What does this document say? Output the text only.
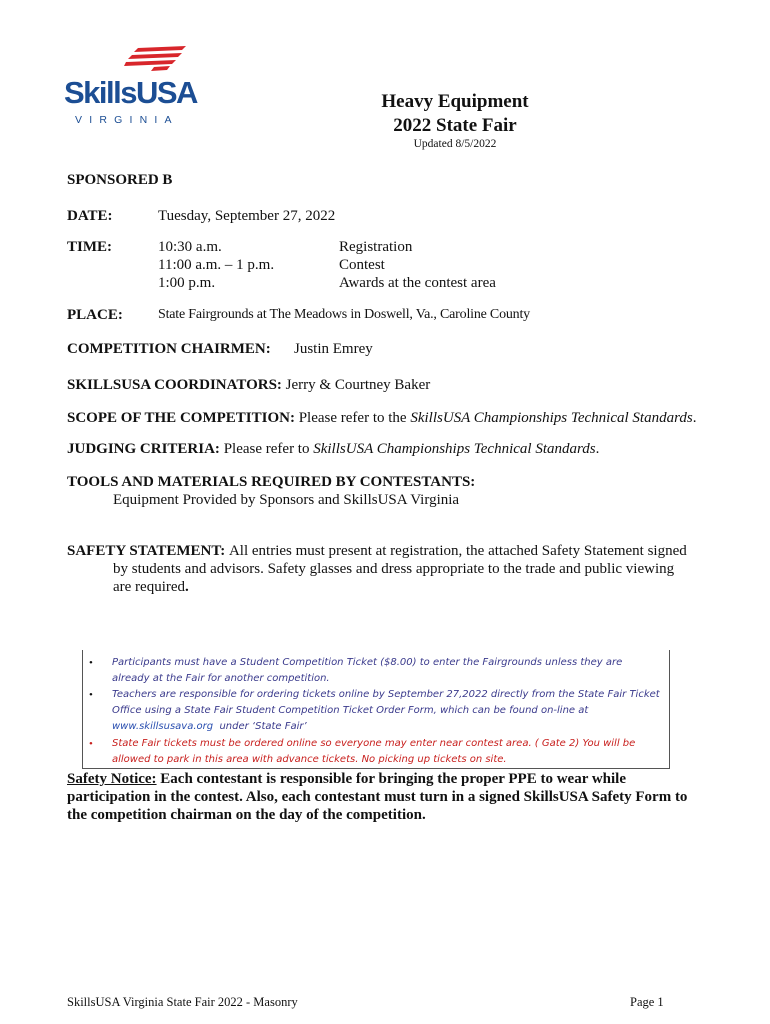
SkillsUSA
VIRGINIA
Heavy Equipment
2022 State Fair
Updated 8/5/2022
SPONSORED B
DATE:	Tuesday, September 27, 2022
TIME:	10:30 a.m.	Registration
11:00 a.m. – 1 p.m.	Contest
1:00 p.m.	Awards at the contest area
PLACE:	State Fairgrounds at The Meadows in Doswell, Va., Caroline County
COMPETITION CHAIRMEN: Justin Emrey
SKILLSUSA COORDINATORS: Jerry & Courtney Baker
SCOPE OF THE COMPETITION: Please refer to the SkillsUSA Championships Technical Standards.
JUDGING CRITERIA: Please refer to SkillsUSA Championships Technical Standards.
TOOLS AND MATERIALS REQUIRED BY CONTESTANTS:
Equipment Provided by Sponsors and SkillsUSA Virginia
SAFETY STATEMENT: All entries must present at registration, the attached Safety Statement signed
by students and advisors. Safety glasses and dress appropriate to the trade and public viewing
are required.
• Participants must have a Student Competition Ticket ($8.00) to enter the Fairgrounds unless they are
already at the Fair for another competition.
• Teachers are responsible for ordering tickets online by September 27,2022 directly from the State Fair Ticket
Office using a State Fair Student Competition Ticket Order Form, which can be found on-line at
www.skillsusava.org  under ‘State Fair’
• State Fair tickets must be ordered online so everyone may enter near contest area. ( Gate 2) You will be
allowed to park in this area with advance tickets. No picking up tickets on site.
Safety Notice: Each contestant is responsible for bringing the proper PPE to wear while
participation in the contest. Also, each contestant must turn in a signed SkillsUSA Safety Form to
the competition chairman on the day of the competition.
SkillsUSA Virginia State Fair 2022 - Masonry	Page 1
